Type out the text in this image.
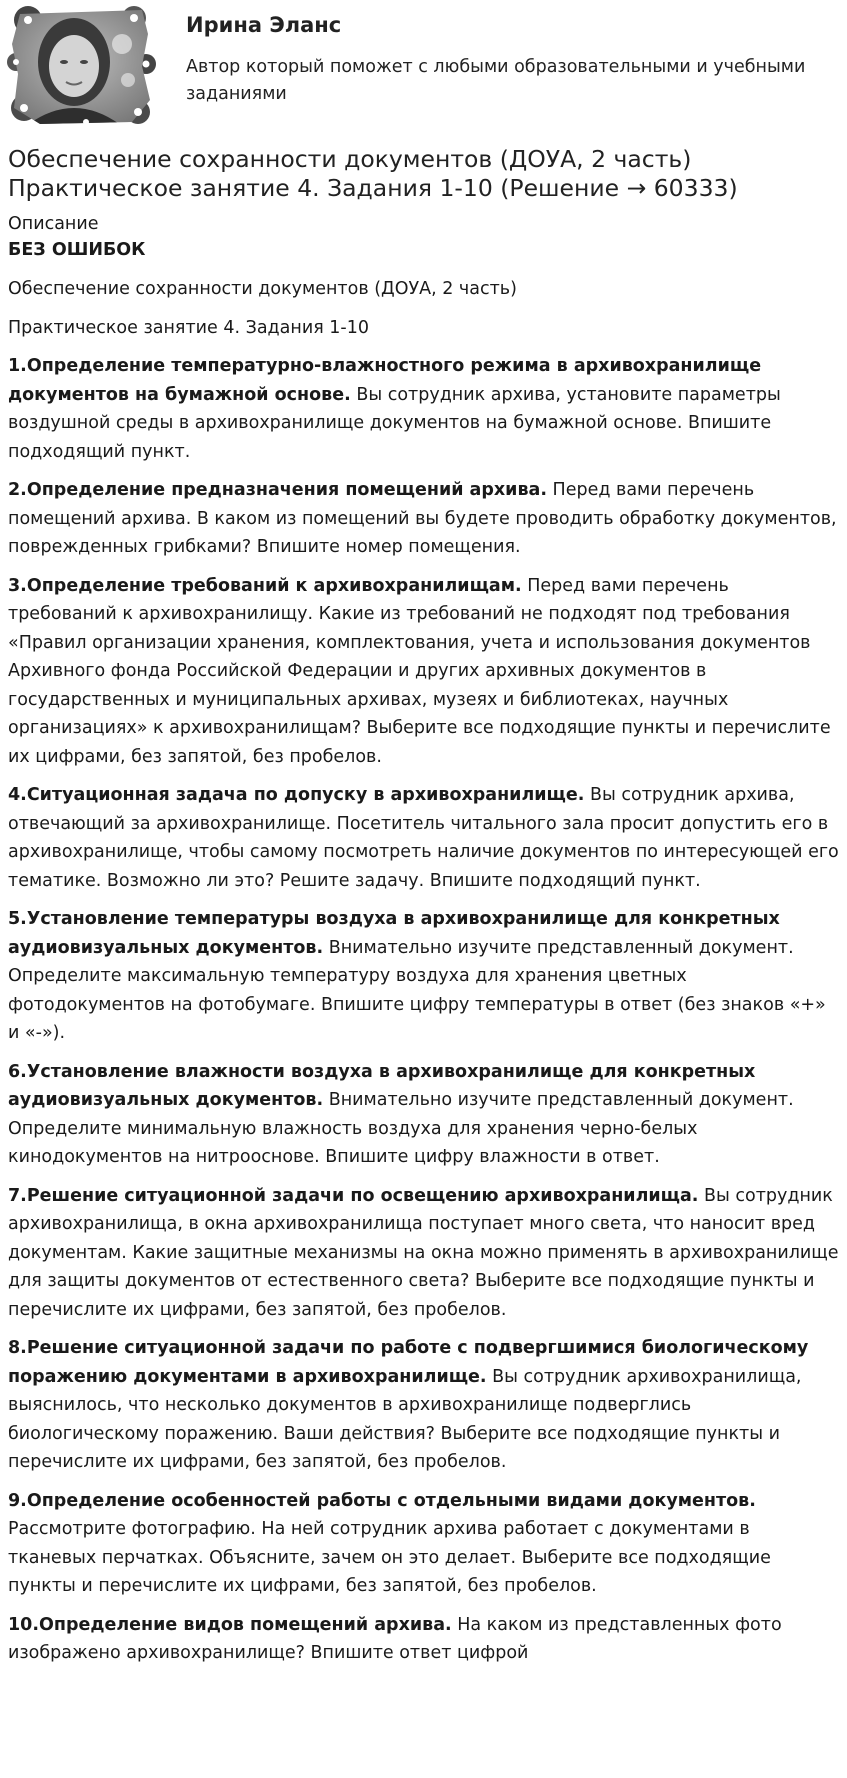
Ирина Эланс
Автор который поможет с любыми образовательными и учебными заданиями
Обеспечение сохранности документов (ДОУА, 2 часть)
Практическое занятие 4. Задания 1-10 (Решение → 60333)
Описание
БЕЗ ОШИБОК

Обеспечение сохранности документов (ДОУА, 2 часть)

Практическое занятие 4. Задания 1-10

1.Определение температурно-влажностного режима в архивохранилище документов на бумажной основе. Вы сотрудник архива, установите параметры воздушной среды в архивохранилище документов на бумажной основе. Впишите подходящий пункт.

2.Определение предназначения помещений архива. Перед вами перечень помещений архива. В каком из помещений вы будете проводить обработку документов, поврежденных грибками? Впишите номер помещения.

3.Определение требований к архивохранилищам. Перед вами перечень требований к архивохранилищу. Какие из требований не подходят под требования «Правил организации хранения, комплектования, учета и использования документов Архивного фонда Российской Федерации и других архивных документов в государственных и муниципальных архивах, музеях и библиотеках, научных организациях» к архивохранилищам? Выберите все подходящие пункты и перечислите их цифрами, без запятой, без пробелов.

4.Ситуационная задача по допуску в архивохранилище. Вы сотрудник архива, отвечающий за архивохранилище. Посетитель читального зала просит допустить его в архивохранилище, чтобы самому посмотреть наличие документов по интересующей его тематике. Возможно ли это? Решите задачу. Впишите подходящий пункт.

5.Установление температуры воздуха в архивохранилище для конкретных аудиовизуальных документов. Внимательно изучите представленный документ. Определите максимальную температуру воздуха для хранения цветных фотодокументов на фотобумаге. Впишите цифру температуры в ответ (без знаков «+» и «-»).

6.Установление влажности воздуха в архивохранилище для конкретных аудиовизуальных документов. Внимательно изучите представленный документ. Определите минимальную влажность воздуха для хранения черно-белых кинодокументов на нитрооснове. Впишите цифру влажности в ответ.

7.Решение ситуационной задачи по освещению архивохранилища. Вы сотрудник архивохранилища, в окна архивохранилища поступает много света, что наносит вред документам. Какие защитные механизмы на окна можно применять в архивохранилище для защиты документов от естественного света? Выберите все подходящие пункты и перечислите их цифрами, без запятой, без пробелов.

8.Решение ситуационной задачи по работе с подвергшимися биологическому поражению документами в архивохранилище. Вы сотрудник архивохранилища, выяснилось, что несколько документов в архивохранилище подверглись биологическому поражению. Ваши действия? Выберите все подходящие пункты и перечислите их цифрами, без запятой, без пробелов.

9.Определение особенностей работы с отдельными видами документов. Рассмотрите фотографию. На ней сотрудник архива работает с документами в тканевых перчатках. Объясните, зачем он это делает. Выберите все подходящие пункты и перечислите их цифрами, без запятой, без пробелов.

10.Определение видов помещений архива. На каком из представленных фото изображено архивохранилище? Впишите ответ цифрой
